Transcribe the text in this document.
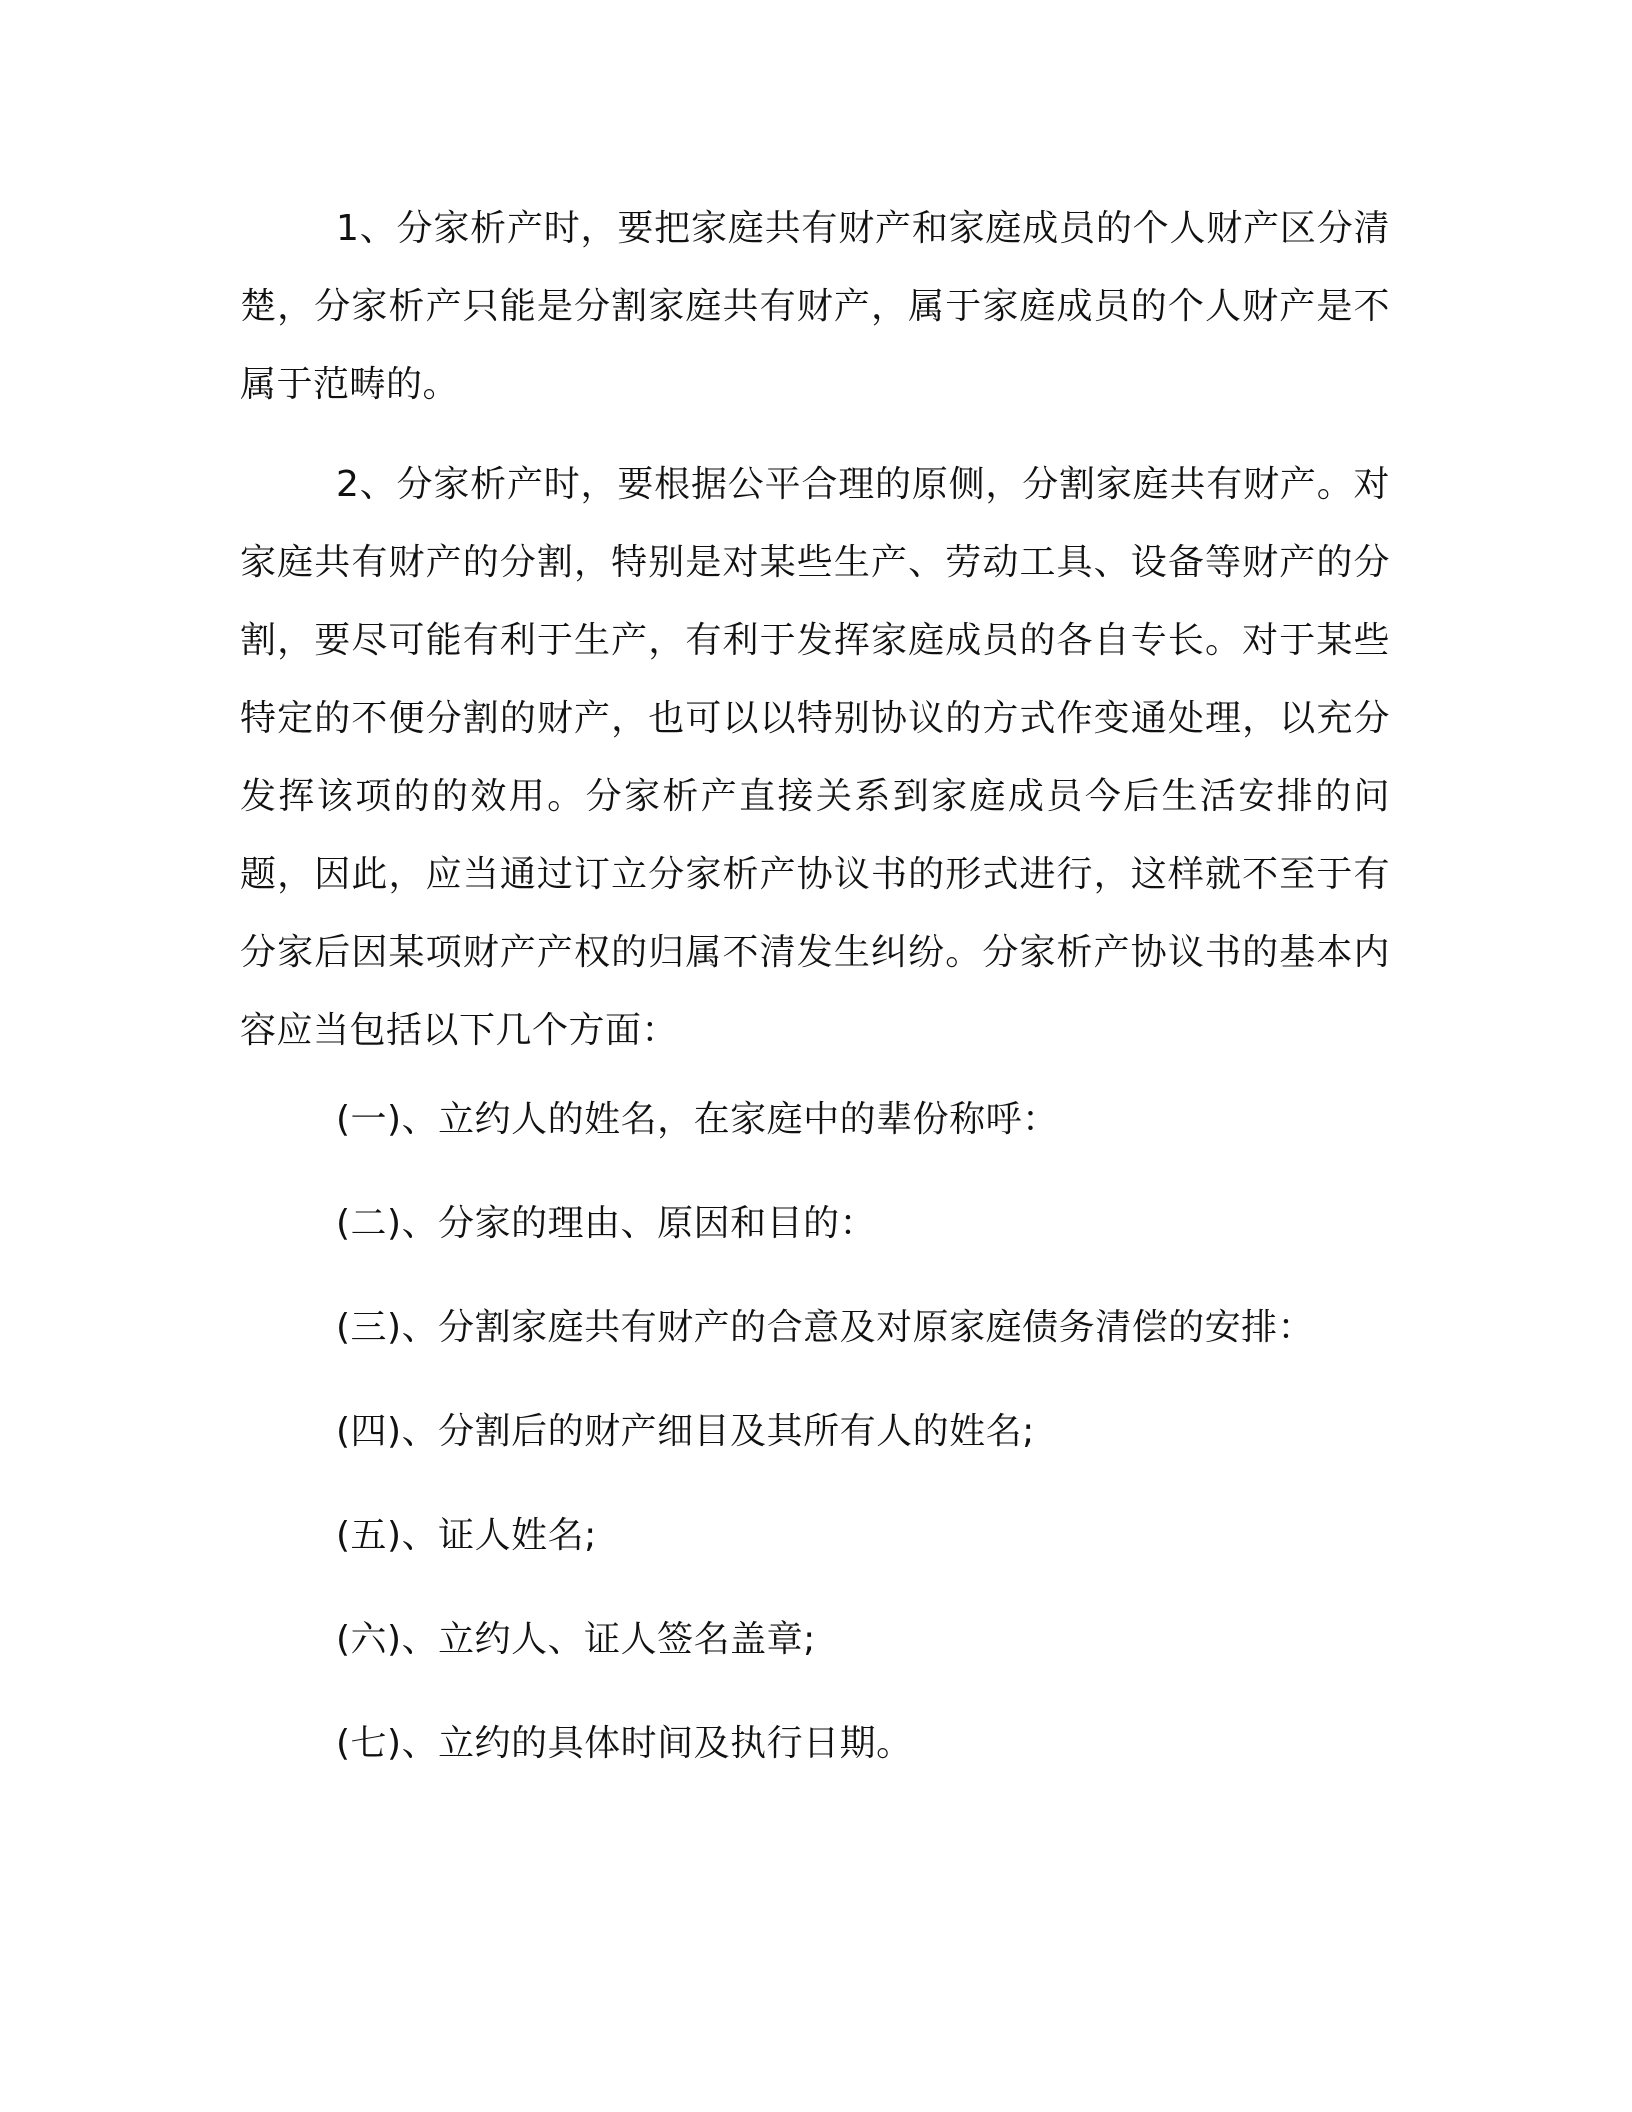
1、分家析产时，要把家庭共有财产和家庭成员的个人财产区分清楚，分家析产只能是分割家庭共有财产，属于家庭成员的个人财产是不属于范畴的。

2、分家析产时，要根据公平合理的原侧，分割家庭共有财产。对家庭共有财产的分割，特别是对某些生产、劳动工具、设备等财产的分割，要尽可能有利于生产，有利于发挥家庭成员的各自专长。对于某些特定的不便分割的财产，也可以以特别协议的方式作变通处理，以充分发挥该项的的效用。分家析产直接关系到家庭成员今后生活安排的问题，因此，应当通过订立分家析产协议书的形式进行，这样就不至于有分家后因某项财产产权的归属不清发生纠纷。分家析产协议书的基本内容应当包括以下几个方面：

(一)、立约人的姓名，在家庭中的辈份称呼：

(二)、分家的理由、原因和目的：

(三)、分割家庭共有财产的合意及对原家庭债务清偿的安排：

(四)、分割后的财产细目及其所有人的姓名;

(五)、证人姓名;

(六)、立约人、证人签名盖章;

(七)、立约的具体时间及执行日期。
